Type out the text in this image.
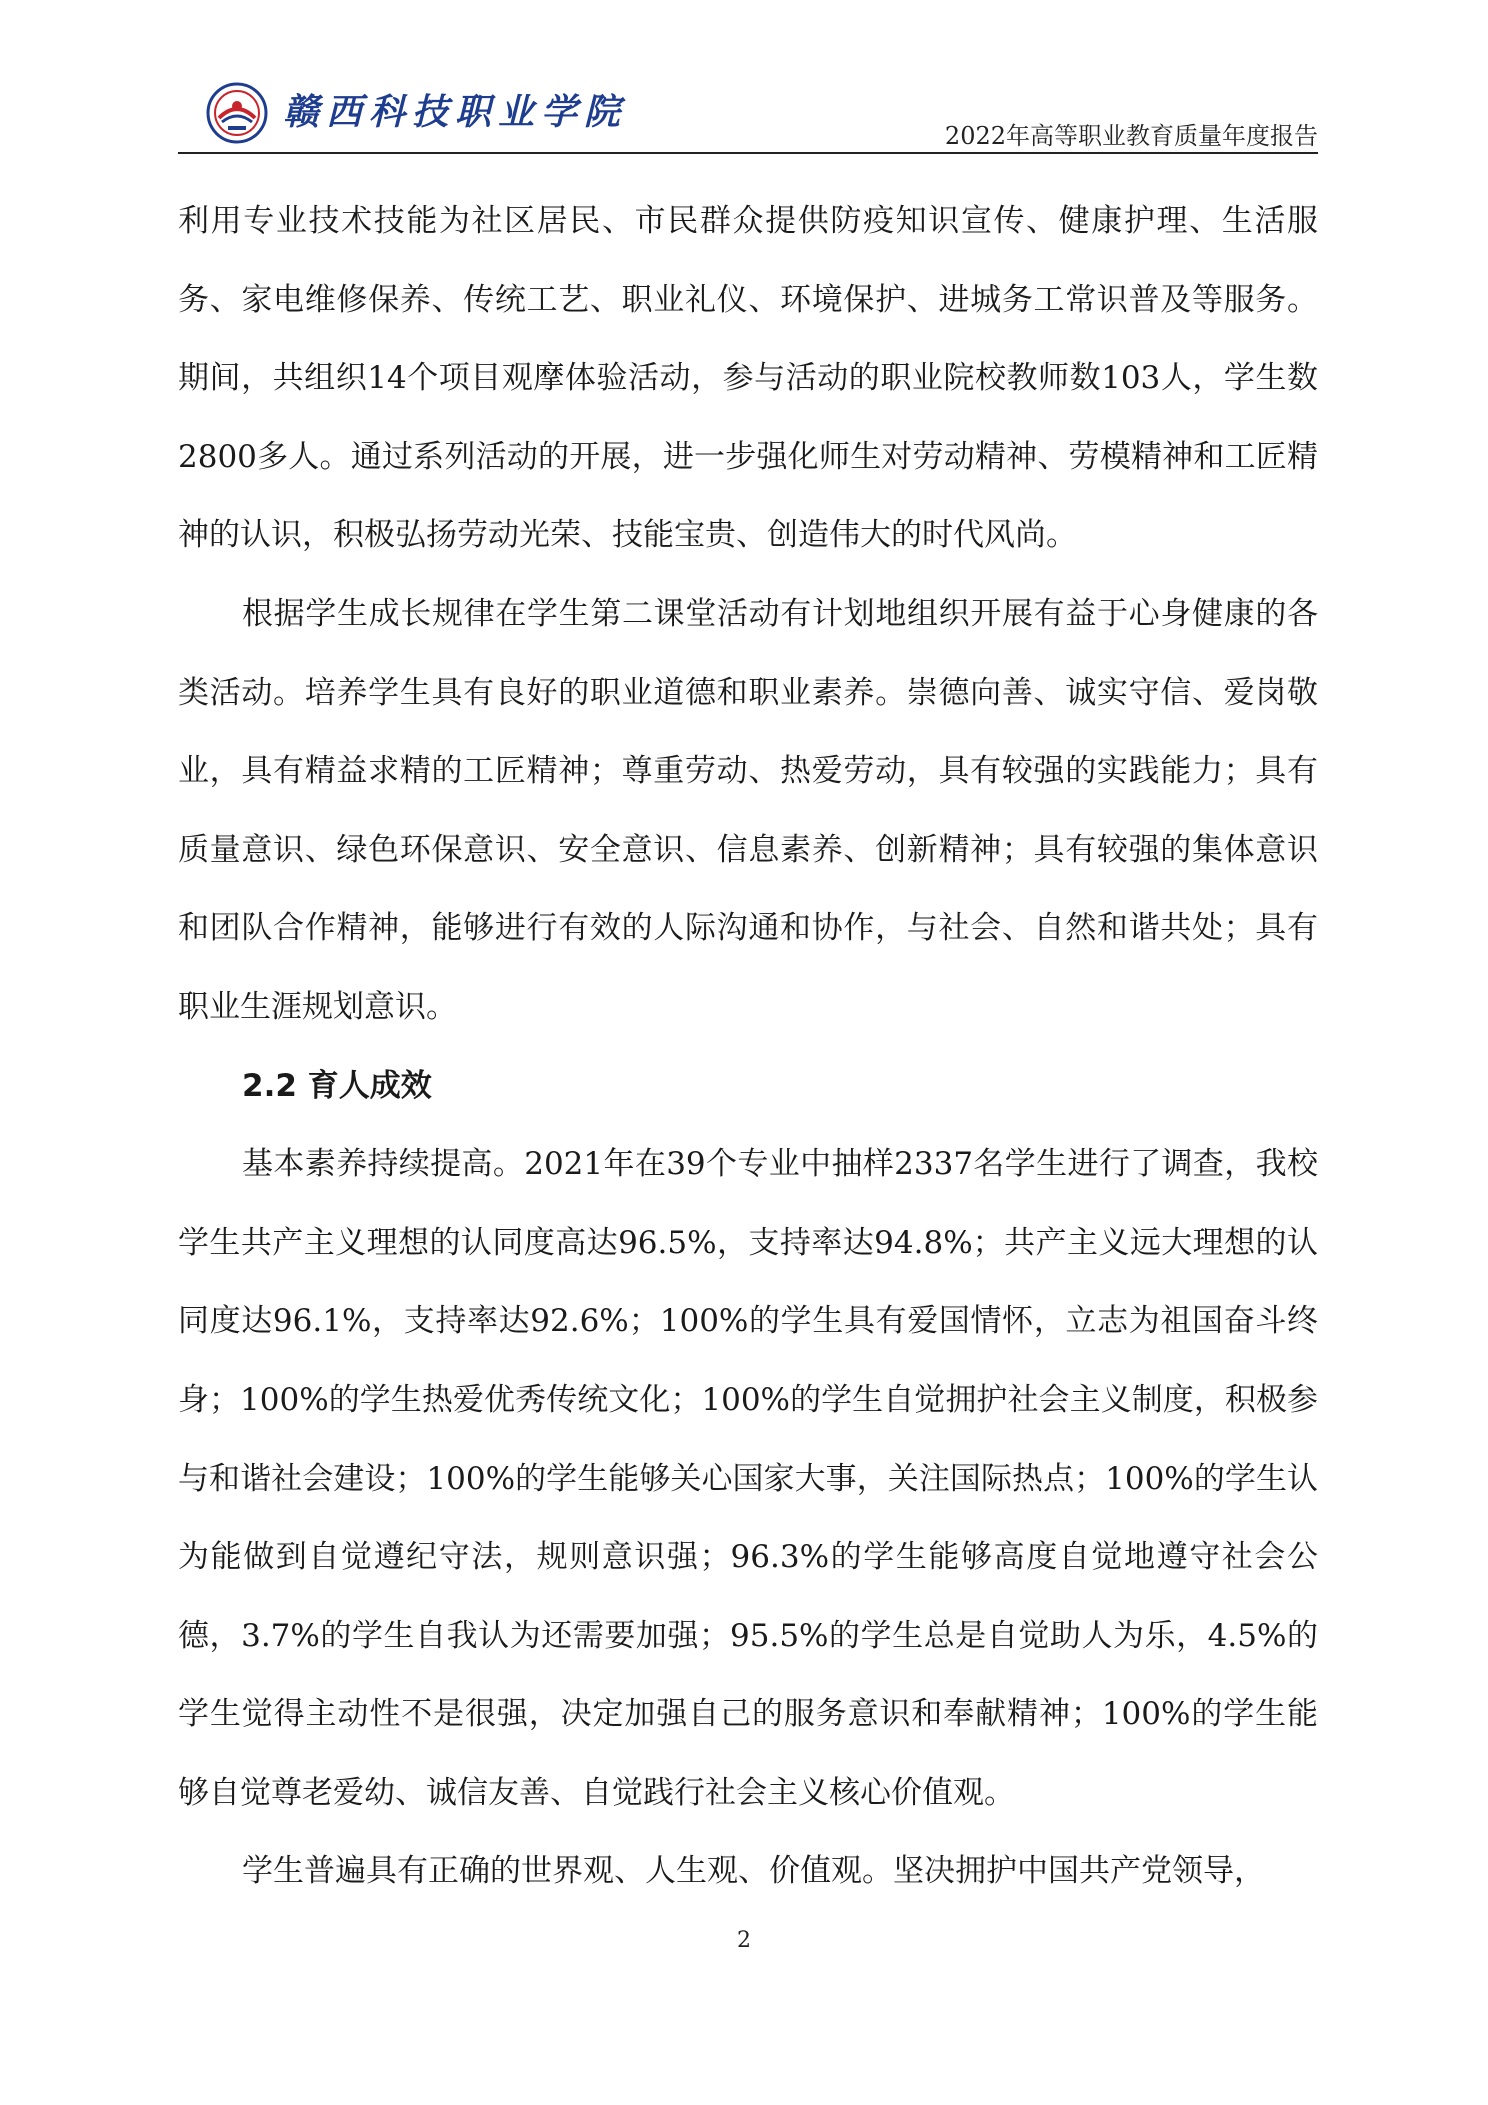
赣西科技职业学院
2022年高等职业教育质量年度报告

利用专业技术技能为社区居民、市民群众提供防疫知识宣传、健康护理、生活服务、家电维修保养、传统工艺、职业礼仪、环境保护、进城务工常识普及等服务。期间，共组织14个项目观摩体验活动，参与活动的职业院校教师数103人，学生数2800多人。通过系列活动的开展，进一步强化师生对劳动精神、劳模精神和工匠精神的认识，积极弘扬劳动光荣、技能宝贵、创造伟大的时代风尚。

根据学生成长规律在学生第二课堂活动有计划地组织开展有益于心身健康的各类活动。培养学生具有良好的职业道德和职业素养。崇德向善、诚实守信、爱岗敬业，具有精益求精的工匠精神；尊重劳动、热爱劳动，具有较强的实践能力；具有质量意识、绿色环保意识、安全意识、信息素养、创新精神；具有较强的集体意识和团队合作精神，能够进行有效的人际沟通和协作，与社会、自然和谐共处；具有职业生涯规划意识。

2.2 育人成效

基本素养持续提高。2021年在39个专业中抽样2337名学生进行了调查，我校学生共产主义理想的认同度高达96.5%，支持率达94.8%；共产主义远大理想的认同度达96.1%，支持率达92.6%；100%的学生具有爱国情怀，立志为祖国奋斗终身；100%的学生热爱优秀传统文化；100%的学生自觉拥护社会主义制度，积极参与和谐社会建设；100%的学生能够关心国家大事，关注国际热点；100%的学生认为能做到自觉遵纪守法，规则意识强；96.3%的学生能够高度自觉地遵守社会公德，3.7%的学生自我认为还需要加强；95.5%的学生总是自觉助人为乐，4.5%的学生觉得主动性不是很强，决定加强自己的服务意识和奉献精神；100%的学生能够自觉尊老爱幼、诚信友善、自觉践行社会主义核心价值观。

学生普遍具有正确的世界观、人生观、价值观。坚决拥护中国共产党领导，

2
